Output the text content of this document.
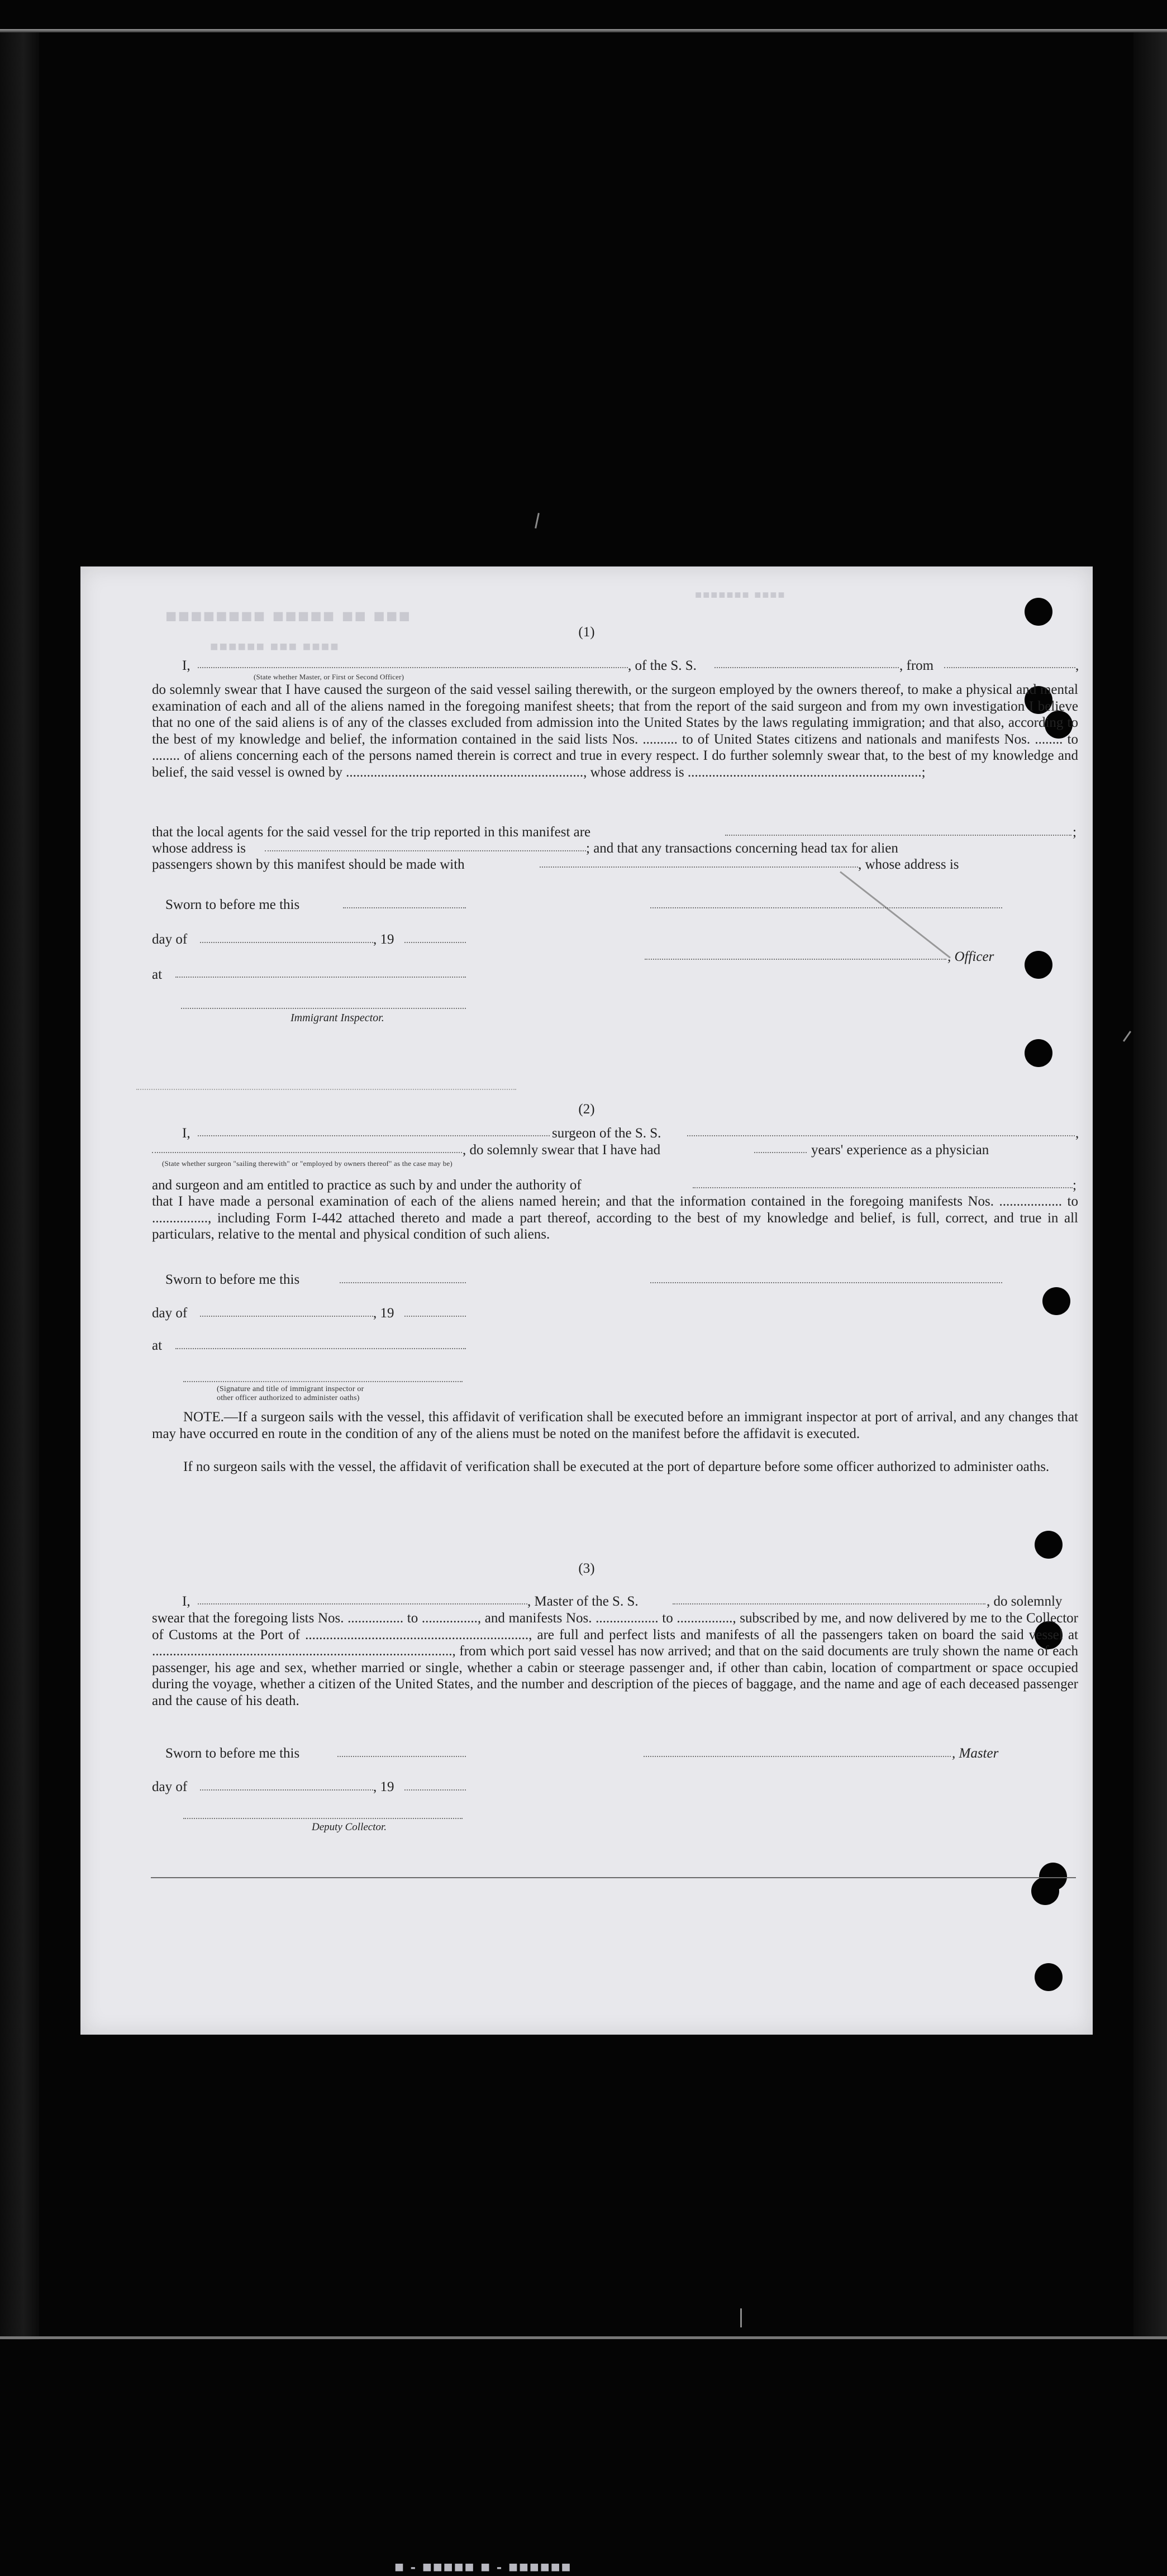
■■■ ■■ ■■■■■ ■■■■■■■■
■■■■ ■■■ ■■■■■■
■■■■■■ - ■ ■■■■■ - ■
■■■■■■■ ■■■■
(1)
I,	, of the S. S.	, from	,
(State whether Master, or First or Second Officer)
do solemnly swear that I have caused the surgeon of the said vessel sailing therewith, or the surgeon employed by the owners thereof, to make a physical and mental examination of each and all of the aliens named in the foregoing manifest sheets; that from the report of the said surgeon and from my own investigation I believe that no one of the said aliens is of any of the classes excluded from admission into the United States by the laws regulating immigration; and that also, according to the best of my knowledge and belief, the information contained in the said lists Nos. .......... to of United States citizens and nationals and manifests Nos. ........ to ........ of aliens concerning each of the persons named therein is correct and true in every respect. I do further solemnly swear that, to the best of my knowledge and belief, the said vessel is owned by ...................................................................., whose address is ...................................................................;
that the local agents for the said vessel for the trip reported in this manifest are	;
whose address is	; and that any transactions concerning head tax for alien
passengers shown by this manifest should be made with	, whose address is
Sworn to before me this
day of	, 19
, Officer
at
Immigrant Inspector.
(2)
I,	surgeon of the S. S.	,
, do solemnly swear that I have had	years' experience as a physician
(State whether surgeon "sailing therewith" or "employed by owners thereof" as the case may be)
and surgeon and am entitled to practice as such by and under the authority of	;
that I have made a personal examination of each of the aliens named herein; and that the information contained in the foregoing manifests Nos. .................. to ................, including Form I-442 attached thereto and made a part thereof, according to the best of my knowledge and belief, is full, correct, and true in all particulars, relative to the mental and physical condition of such aliens.
Sworn to before me this
day of	, 19
at
(Signature and title of immigrant inspector or
other officer authorized to administer oaths)
NOTE.—If a surgeon sails with the vessel, this affidavit of verification shall be executed before an immigrant inspector at port of arrival, and any changes that may have occurred en route in the condition of any of the aliens must be noted on the manifest before the affidavit is executed.
If no surgeon sails with the vessel, the affidavit of verification shall be executed at the port of departure before some officer authorized to administer oaths.
(3)
I,	, Master of the S. S.	, do solemnly
swear that the foregoing lists Nos. ................ to ................, and manifests Nos. .................. to ................, subscribed by me, and now delivered by me to the Collector of Customs at the Port of ................................................................, are full and perfect lists and manifests of all the passengers taken on board the said vessel at ......................................................................................, from which port said vessel has now arrived; and that on the said documents are truly shown the name of each passenger, his age and sex, whether married or single, whether a cabin or steerage passenger and, if other than cabin, location of compartment or space occupied during the voyage, whether a citizen of the United States, and the number and description of the pieces of baggage, and the name and age of each deceased passenger and the cause of his death.
Sworn to before me this	, Master
day of	, 19
Deputy Collector.
